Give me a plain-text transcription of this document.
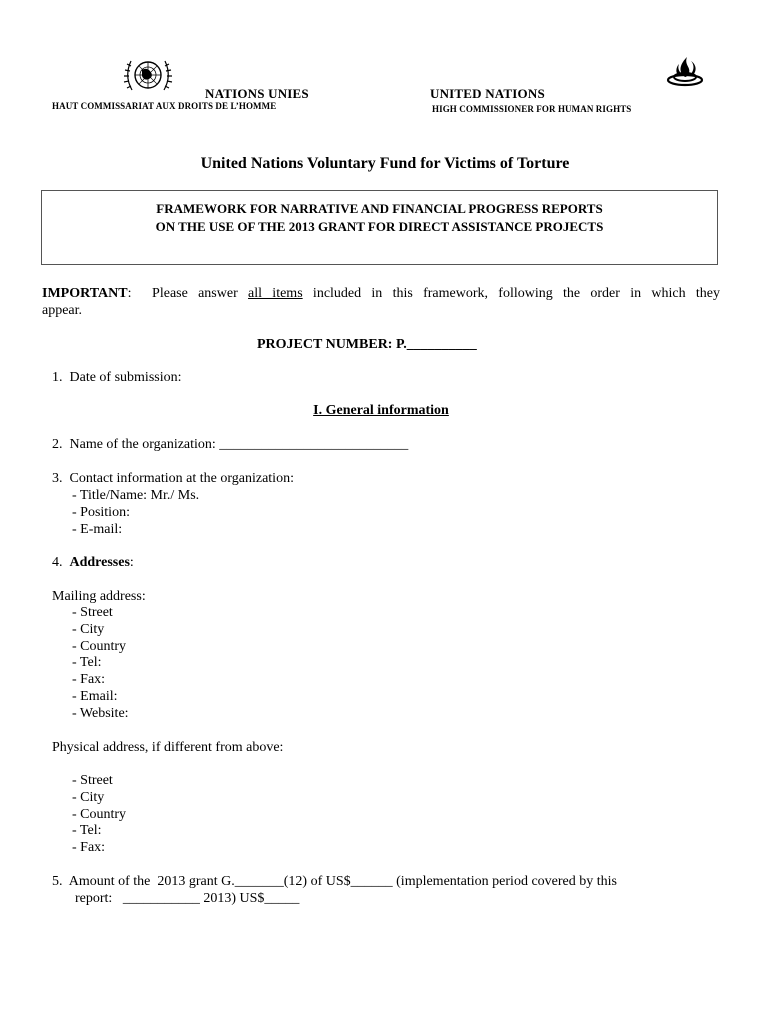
NATIONS UNIES
HAUT COMMISSARIAT AUX DROITS DE L’HOMME
UNITED NATIONS
HIGH COMMISSIONER FOR HUMAN RIGHTS
United Nations Voluntary Fund for Victims of Torture
FRAMEWORK FOR NARRATIVE AND FINANCIAL PROGRESS REPORTS
ON THE USE OF THE 2013 GRANT FOR DIRECT ASSISTANCE PROJECTS
IMPORTANT:  Please answer all items included in this framework, following the order in which they
appear.
PROJECT NUMBER: P.__________
1.  Date of submission:
I. General information
2.  Name of the organization: ___________________________
3.  Contact information at the organization:
- Title/Name: Mr./ Ms.
- Position:
- E-mail:
4.  Addresses:
Mailing address:
- Street
- City
- Country
- Tel:
- Fax:
- Email:
- Website:
Physical address, if different from above:
- Street
- City
- Country
- Tel:
- Fax:
5.  Amount of the  2013 grant G._______(12) of US$______ (implementation period covered by this
report:   ___________ 2013) US$_____
